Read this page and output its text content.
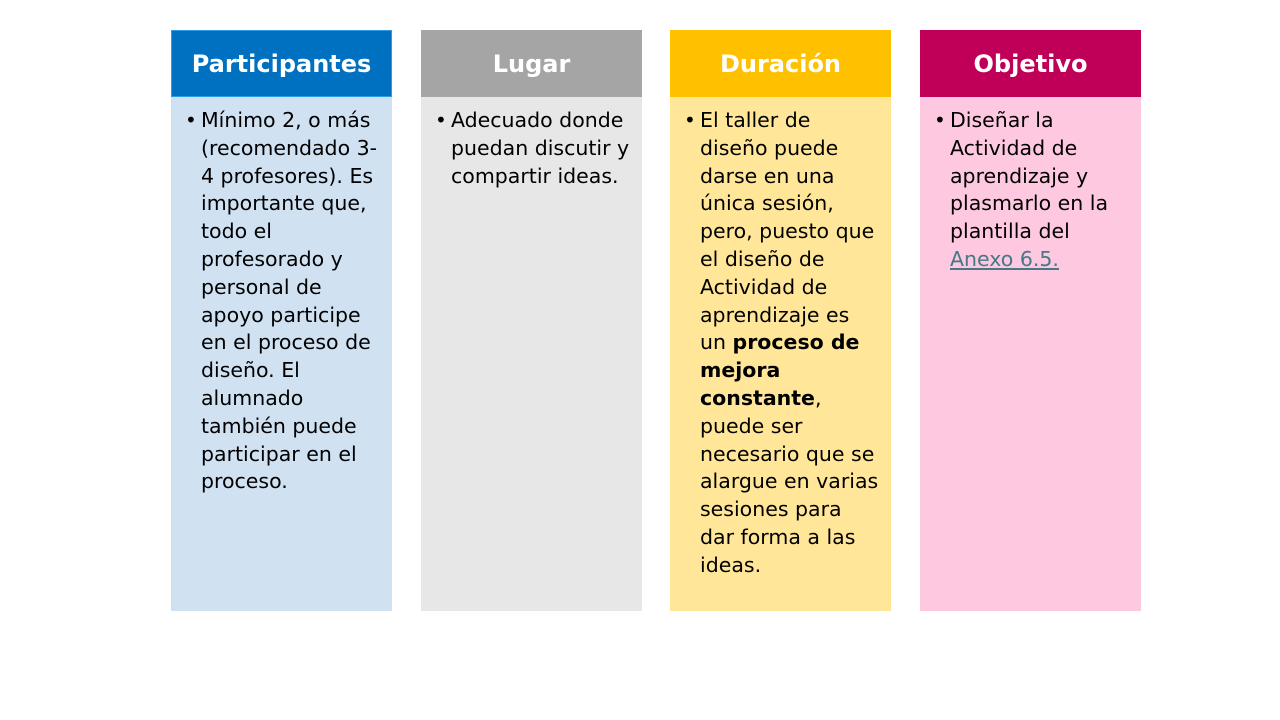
Participantes
• Mínimo 2, o más (recomendado 3-4 profesores). Es importante que, todo el profesorado y personal de apoyo participe en el proceso de diseño. El alumnado también puede participar en el proceso.
Lugar
• Adecuado donde puedan discutir y compartir ideas.
Duración
• El taller de diseño puede darse en una única sesión, pero, puesto que el diseño de Actividad de aprendizaje es un proceso de mejora constante, puede ser necesario que se alargue en varias sesiones para dar forma a las ideas.
Objetivo
• Diseñar la Actividad de aprendizaje y plasmarlo en la plantilla del Anexo 6.5.
